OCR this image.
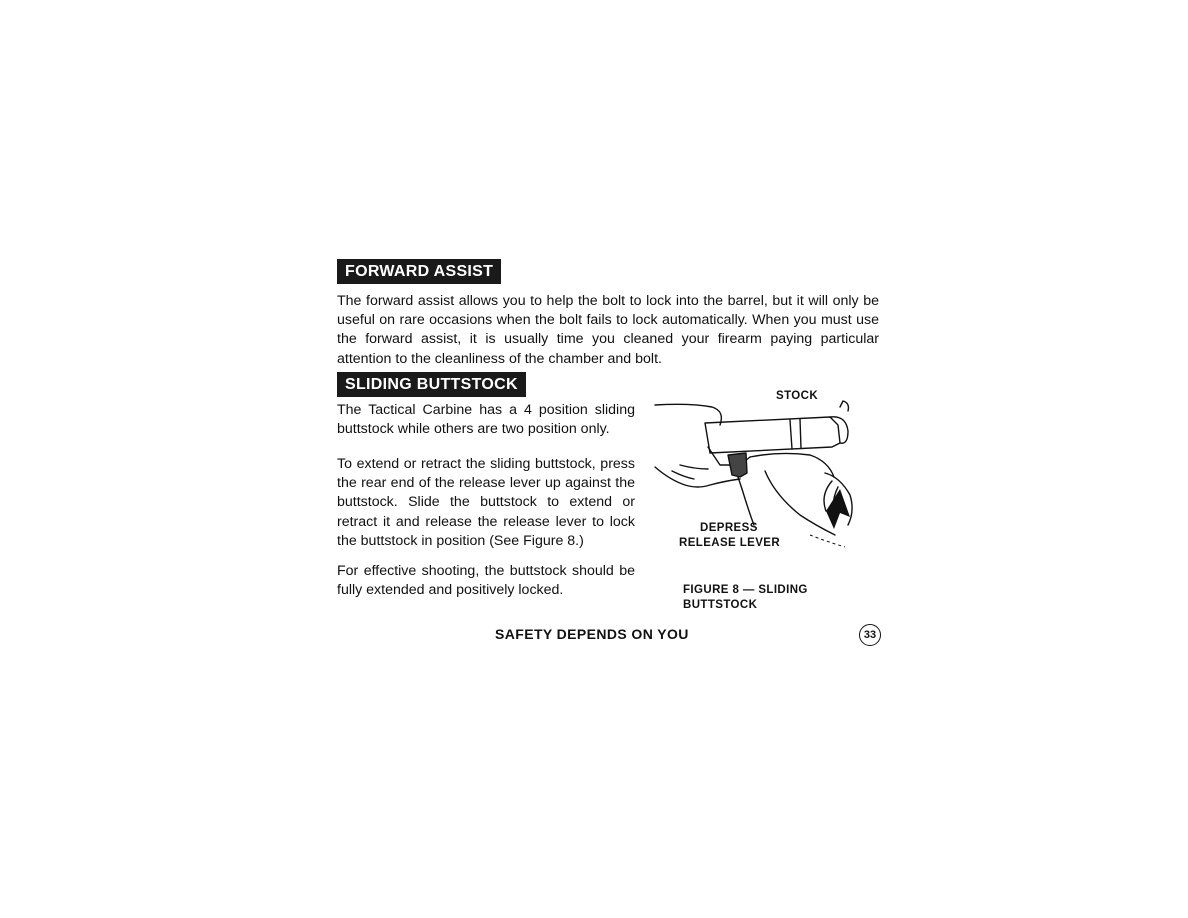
FORWARD ASSIST

The forward assist allows you to help the bolt to lock into the barrel, but it will only be useful on rare occasions when the bolt fails to lock automatically. When you must use the forward assist, it is usually time you cleaned your firearm paying particular attention to the cleanliness of the chamber and bolt.

SLIDING BUTTSTOCK

The Tactical Carbine has a 4 position sliding buttstock while others are two position only.

To extend or retract the sliding buttstock, press the rear end of the release lever up against the buttstock. Slide the buttstock to extend or retract it and release the release lever to lock the buttstock in position (See Figure 8.)

For effective shooting, the buttstock should be fully extended and positively locked.

STOCK
DEPRESS
RELEASE LEVER
FIGURE 8 — SLIDING
BUTTSTOCK
SAFETY DEPENDS ON YOU	33
